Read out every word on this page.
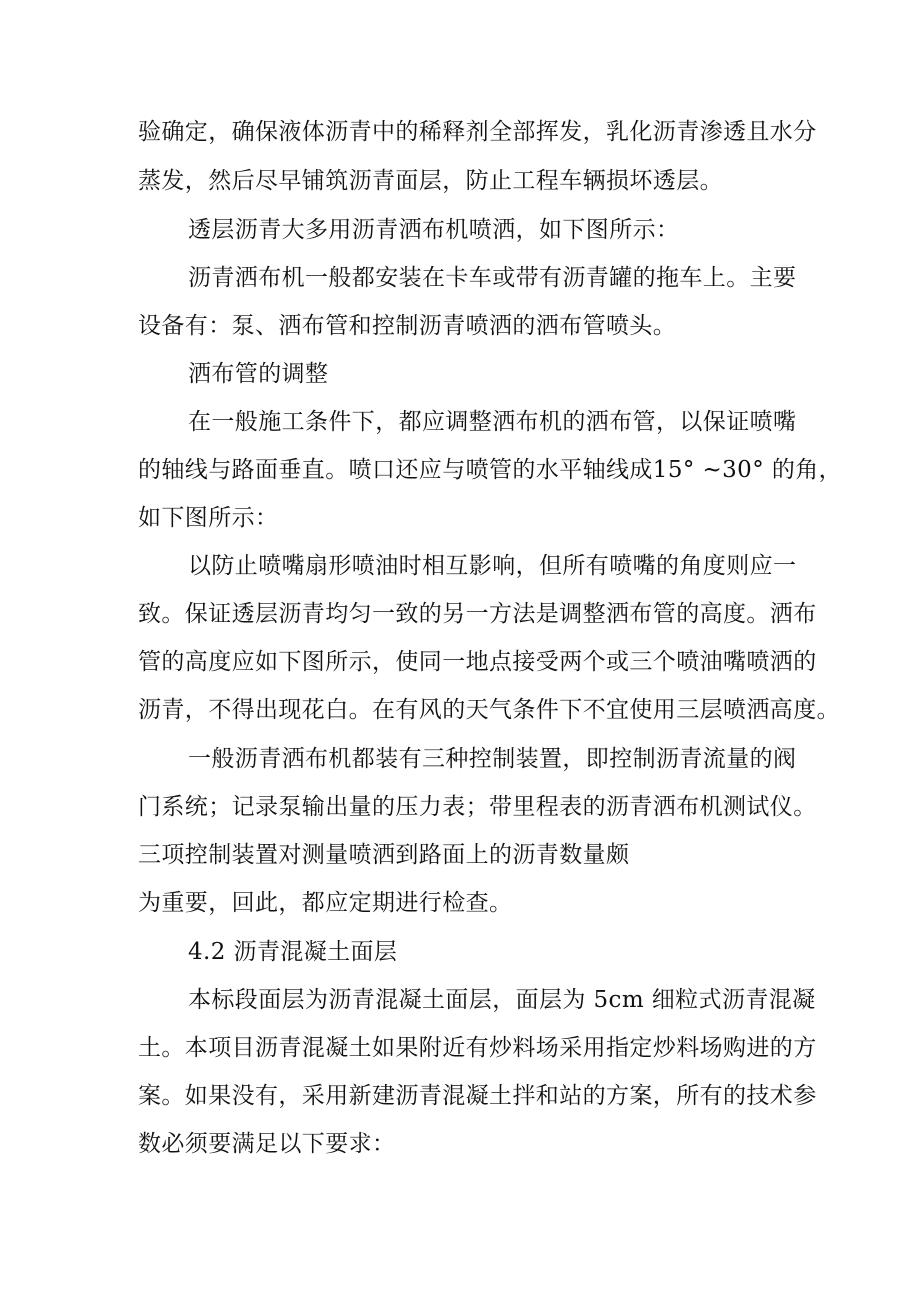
验确定，确保液体沥青中的稀释剂全部挥发，乳化沥青渗透且水分
蒸发，然后尽早铺筑沥青面层，防止工程车辆损坏透层。
透层沥青大多用沥青洒布机喷洒，如下图所示：
沥青洒布机一般都安装在卡车或带有沥青罐的拖车上。主要
设备有：泵、洒布管和控制沥青喷洒的洒布管喷头。
洒布管的调整
在一般施工条件下，都应调整洒布机的洒布管，以保证喷嘴
的轴线与路面垂直。喷口还应与喷管的水平轴线成15° ~30° 的角，
如下图所示：
以防止喷嘴扇形喷油时相互影响，但所有喷嘴的角度则应一
致。保证透层沥青均匀一致的另一方法是调整洒布管的高度。洒布
管的高度应如下图所示，使同一地点接受两个或三个喷油嘴喷洒的
沥青，不得出现花白。在有风的天气条件下不宜使用三层喷洒高度。
一般沥青洒布机都装有三种控制装置，即控制沥青流量的阀
门系统；记录泵输出量的压力表；带里程表的沥青洒布机测试仪。
三项控制装置对测量喷洒到路面上的沥青数量颇
为重要，回此，都应定期进行检查。
4.2 沥青混凝土面层
本标段面层为沥青混凝土面层，面层为 5cm 细粒式沥青混凝
土。本项目沥青混凝土如果附近有炒料场采用指定炒料场购进的方
案。如果没有，采用新建沥青混凝土拌和站的方案，所有的技术参
数必须要满足以下要求：
